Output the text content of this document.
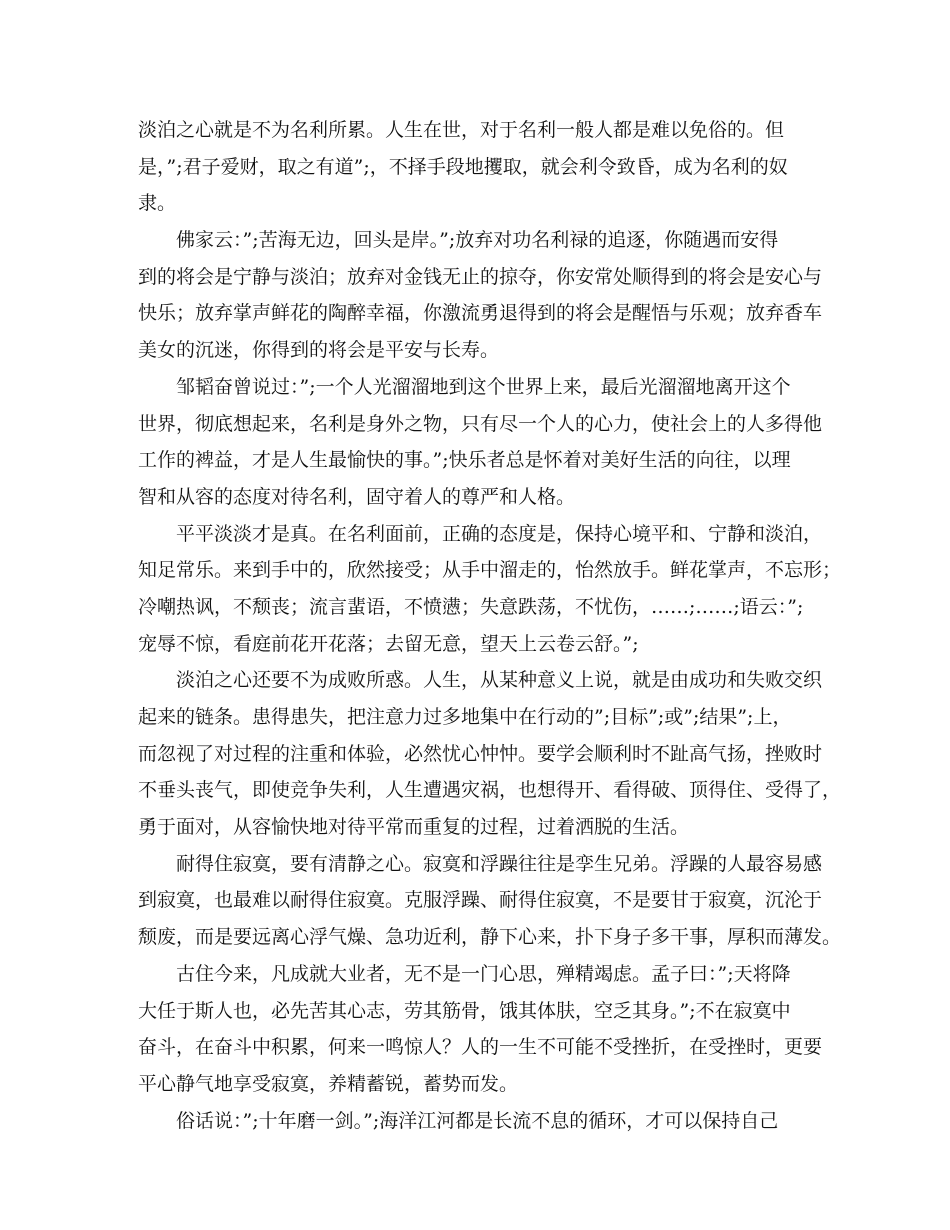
淡泊之心就是不为名利所累。人生在世，对于名利一般人都是难以免俗的。但

是，”;君子爱财，取之有道”;，不择手段地攫取，就会利令致昏，成为名利的奴

隶。

佛家云：”;苦海无边，回头是岸。”;放弃对功名利禄的追逐，你随遇而安得

到的将会是宁静与淡泊；放弃对金钱无止的掠夺，你安常处顺得到的将会是安心与

快乐；放弃掌声鲜花的陶醉幸福，你激流勇退得到的将会是醒悟与乐观；放弃香车

美女的沉迷，你得到的将会是平安与长寿。

邹韬奋曾说过：”;一个人光溜溜地到这个世界上来，最后光溜溜地离开这个

世界，彻底想起来，名利是身外之物，只有尽一个人的心力，使社会上的人多得他

工作的裨益，才是人生最愉快的事。”;快乐者总是怀着对美好生活的向往，以理

智和从容的态度对待名利，固守着人的尊严和人格。

平平淡淡才是真。在名利面前，正确的态度是，保持心境平和、宁静和淡泊，

知足常乐。来到手中的，欣然接受；从手中溜走的，怡然放手。鲜花掌声，不忘形；

冷嘲热讽，不颓丧；流言蜚语，不愤懑；失意跌荡，不忧伤，……;……;语云：”;

宠辱不惊，看庭前花开花落；去留无意，望天上云卷云舒。”;

淡泊之心还要不为成败所惑。人生，从某种意义上说，就是由成功和失败交织

起来的链条。患得患失，把注意力过多地集中在行动的”;目标”;或”;结果”;上，

而忽视了对过程的注重和体验，必然忧心忡忡。要学会顺利时不趾高气扬，挫败时

不垂头丧气，即使竞争失利，人生遭遇灾祸，也想得开、看得破、顶得住、受得了，

勇于面对，从容愉快地对待平常而重复的过程，过着洒脱的生活。

耐得住寂寞，要有清静之心。寂寞和浮躁往往是孪生兄弟。浮躁的人最容易感

到寂寞，也最难以耐得住寂寞。克服浮躁、耐得住寂寞，不是要甘于寂寞，沉沦于

颓废，而是要远离心浮气燥、急功近利，静下心来，扑下身子多干事，厚积而薄发。

古住今来，凡成就大业者，无不是一门心思，殚精竭虑。孟子曰：”;天将降

大任于斯人也，必先苦其心志，劳其筋骨，饿其体肤，空乏其身。”;不在寂寞中

奋斗，在奋斗中积累，何来一鸣惊人？人的一生不可能不受挫折，在受挫时，更要

平心静气地享受寂寞，养精蓄锐，蓄势而发。

俗话说：”;十年磨一剑。”;海洋江河都是长流不息的循环，才可以保持自己
